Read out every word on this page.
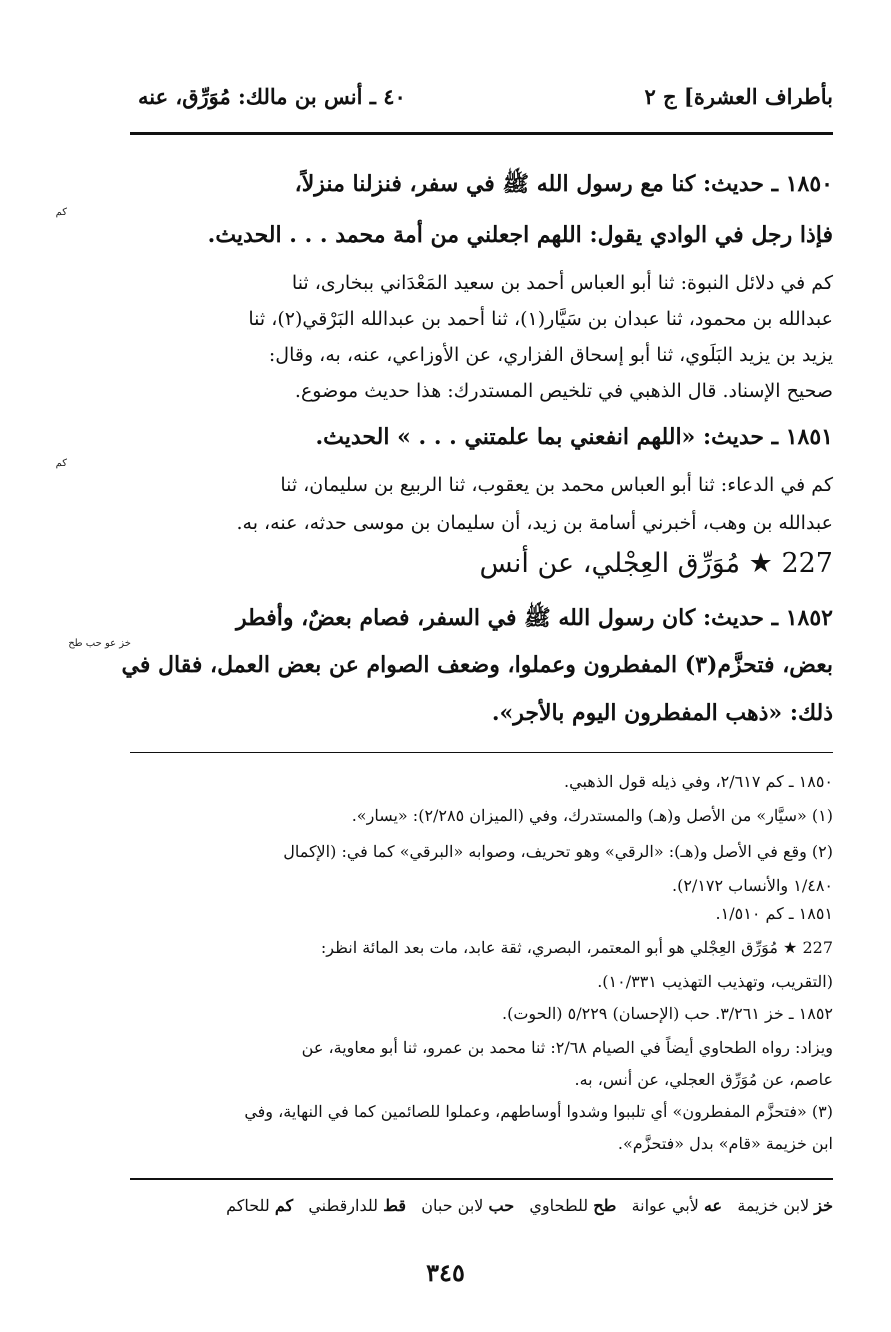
بأطراف العشرة] ج ٢
٤٠ ـ أنس بن مالك: مُوَرِّق، عنه
١٨٥٠ ـ حديث: كنا مع رسول الله ﷺ في سفر، فنزلنا منزلاً،
كم
فإذا رجل في الوادي يقول: اللهم اجعلني من أمة محمد . . . الحديث.
كم في دلائل النبوة: ثنا أبو العباس أحمد بن سعيد المَعْدَاني ببخارى، ثنا
عبدالله بن محمود، ثنا عبدان بن سَيَّار(١)، ثنا أحمد بن عبدالله البَرْقي(٢)، ثنا
يزيد بن يزيد البَلَوي، ثنا أبو إسحاق الفزاري، عن الأوزاعي، عنه، به، وقال:
صحيح الإسناد. قال الذهبي في تلخيص المستدرك: هذا حديث موضوع.
١٨٥١ ـ حديث: «اللهم انفعني بما علمتني . . . » الحديث.
كم
كم في الدعاء: ثنا أبو العباس محمد بن يعقوب، ثنا الربيع بن سليمان، ثنا
عبدالله بن وهب، أخبرني أسامة بن زيد، أن سليمان بن موسى حدثه، عنه، به.
227 ★ مُوَرِّق العِجْلي، عن أنس
١٨٥٢ ـ حديث: كان رسول الله ﷺ في السفر، فصام بعضٌ، وأفطر
خز عو حب طح
بعض، فتحزَّم(٣) المفطرون وعملوا، وضعف الصوام عن بعض العمل، فقال في
ذلك: «ذهب المفطرون اليوم بالأجر».
١٨٥٠ ـ كم ٢/٦١٧، وفي ذيله قول الذهبي.
(١) «سيَّار» من الأصل و(هـ) والمستدرك، وفي (الميزان ٢/٢٨٥): «يسار».
(٢) وقع في الأصل و(هـ): «الرقي» وهو تحريف، وصوابه «البرقي» كما في: (الإكمال
١/٤٨٠ والأنساب ٢/١٧٢).
١٨٥١ ـ كم ١/٥١٠.
227 ★ مُوَرِّق العِجْلي هو أبو المعتمر، البصري، ثقة عابد، مات بعد المائة انظر:
(التقريب، وتهذيب التهذيب ١٠/٣٣١).
١٨٥٢ ـ خز ٣/٢٦١. حب (الإحسان) ٥/٢٢٩ (الحوت).
ويزاد: رواه الطحاوي أيضاً في الصيام ٢/٦٨: ثنا محمد بن عمرو، ثنا أبو معاوية، عن
عاصم، عن مُوَرِّق العجلي، عن أنس، به.
(٣) «فتحزَّم المفطرون» أي تلببوا وشدوا أوساطهم، وعملوا للصائمين كما في النهاية، وفي
ابن خزيمة «قام» بدل «فتحزَّم».
خز لابن خزيمة   عه لأبي عوانة   طح للطحاوي   حب لابن حبان   قط للدارقطني   كم للحاكم
٣٤٥
